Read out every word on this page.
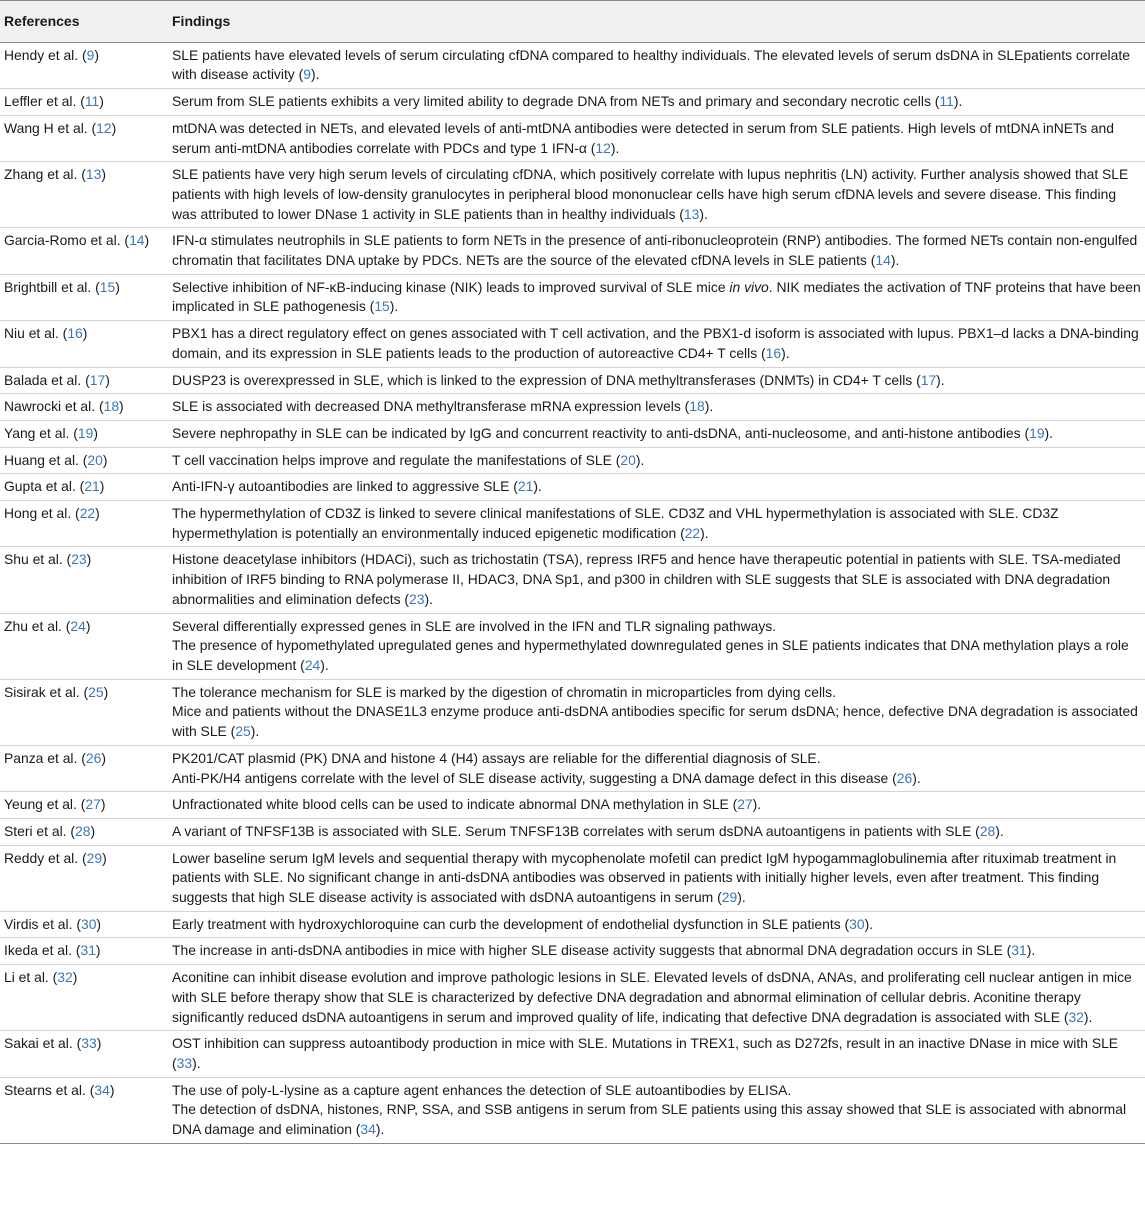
References	Findings
Hendy et al. (9)	SLE patients have elevated levels of serum circulating cfDNA compared to healthy individuals. The elevated levels of serum dsDNA in SLEpatients correlate with disease activity (9).

Leffler et al. (11)	Serum from SLE patients exhibits a very limited ability to degrade DNA from NETs and primary and secondary necrotic cells (11).

Wang H et al. (12)	mtDNA was detected in NETs, and elevated levels of anti-mtDNA antibodies were detected in serum from SLE patients. High levels of mtDNA inNETs and serum anti-mtDNA antibodies correlate with PDCs and type 1 IFN-α (12).

Zhang et al. (13)	SLE patients have very high serum levels of circulating cfDNA, which positively correlate with lupus nephritis (LN) activity. Further analysis showed that SLE patients with high levels of low-density granulocytes in peripheral blood mononuclear cells have high serum cfDNA levels and severe disease. This finding was attributed to lower DNase 1 activity in SLE patients than in healthy individuals (13).

Garcia-Romo et al. (14)	IFN-α stimulates neutrophils in SLE patients to form NETs in the presence of anti-ribonucleoprotein (RNP) antibodies. The formed NETs contain non-engulfed chromatin that facilitates DNA uptake by PDCs. NETs are the source of the elevated cfDNA levels in SLE patients (14).

Brightbill et al. (15)	Selective inhibition of NF-κB-inducing kinase (NIK) leads to improved survival of SLE mice in vivo. NIK mediates the activation of TNF proteins that have been implicated in SLE pathogenesis (15).

Niu et al. (16)	PBX1 has a direct regulatory effect on genes associated with T cell activation, and the PBX1-d isoform is associated with lupus. PBX1–d lacks a DNA-binding domain, and its expression in SLE patients leads to the production of autoreactive CD4+ T cells (16).

Balada et al. (17)	DUSP23 is overexpressed in SLE, which is linked to the expression of DNA methyltransferases (DNMTs) in CD4+ T cells (17).

Nawrocki et al. (18)	SLE is associated with decreased DNA methyltransferase mRNA expression levels (18).

Yang et al. (19)	Severe nephropathy in SLE can be indicated by IgG and concurrent reactivity to anti-dsDNA, anti-nucleosome, and anti-histone antibodies (19).

Huang et al. (20)	T cell vaccination helps improve and regulate the manifestations of SLE (20).

Gupta et al. (21)	Anti-IFN-γ autoantibodies are linked to aggressive SLE (21).

Hong et al. (22)	The hypermethylation of CD3Z is linked to severe clinical manifestations of SLE. CD3Z and VHL hypermethylation is associated with SLE. CD3Z hypermethylation is potentially an environmentally induced epigenetic modification (22).

Shu et al. (23)	Histone deacetylase inhibitors (HDACi), such as trichostatin (TSA), repress IRF5 and hence have therapeutic potential in patients with SLE. TSA-mediated inhibition of IRF5 binding to RNA polymerase II, HDAC3, DNA Sp1, and p300 in children with SLE suggests that SLE is associated with DNA degradation abnormalities and elimination defects (23).

Zhu et al. (24)	Several differentially expressed genes in SLE are involved in the IFN and TLR signaling pathways.
The presence of hypomethylated upregulated genes and hypermethylated downregulated genes in SLE patients indicates that DNA methylation plays a role in SLE development (24).

Sisirak et al. (25)	The tolerance mechanism for SLE is marked by the digestion of chromatin in microparticles from dying cells.
Mice and patients without the DNASE1L3 enzyme produce anti-dsDNA antibodies specific for serum dsDNA; hence, defective DNA degradation is associated with SLE (25).

Panza et al. (26)	PK201/CAT plasmid (PK) DNA and histone 4 (H4) assays are reliable for the differential diagnosis of SLE.
Anti-PK/H4 antigens correlate with the level of SLE disease activity, suggesting a DNA damage defect in this disease (26).

Yeung et al. (27)	Unfractionated white blood cells can be used to indicate abnormal DNA methylation in SLE (27).

Steri et al. (28)	A variant of TNFSF13B is associated with SLE. Serum TNFSF13B correlates with serum dsDNA autoantigens in patients with SLE (28).

Reddy et al. (29)	Lower baseline serum IgM levels and sequential therapy with mycophenolate mofetil can predict IgM hypogammaglobulinemia after rituximab treatment in patients with SLE. No significant change in anti-dsDNA antibodies was observed in patients with initially higher levels, even after treatment. This finding suggests that high SLE disease activity is associated with dsDNA autoantigens in serum (29).

Virdis et al. (30)	Early treatment with hydroxychloroquine can curb the development of endothelial dysfunction in SLE patients (30).

Ikeda et al. (31)	The increase in anti-dsDNA antibodies in mice with higher SLE disease activity suggests that abnormal DNA degradation occurs in SLE (31).

Li et al. (32)	Aconitine can inhibit disease evolution and improve pathologic lesions in SLE. Elevated levels of dsDNA, ANAs, and proliferating cell nuclear antigen in mice with SLE before therapy show that SLE is characterized by defective DNA degradation and abnormal elimination of cellular debris. Aconitine therapy significantly reduced dsDNA autoantigens in serum and improved quality of life, indicating that defective DNA degradation is associated with SLE (32).

Sakai et al. (33)	OST inhibition can suppress autoantibody production in mice with SLE. Mutations in TREX1, such as D272fs, result in an inactive DNase in mice with SLE (33).

Stearns et al. (34)	The use of poly-L-lysine as a capture agent enhances the detection of SLE autoantibodies by ELISA.
The detection of dsDNA, histones, RNP, SSA, and SSB antigens in serum from SLE patients using this assay showed that SLE is associated with abnormal DNA damage and elimination (34).
